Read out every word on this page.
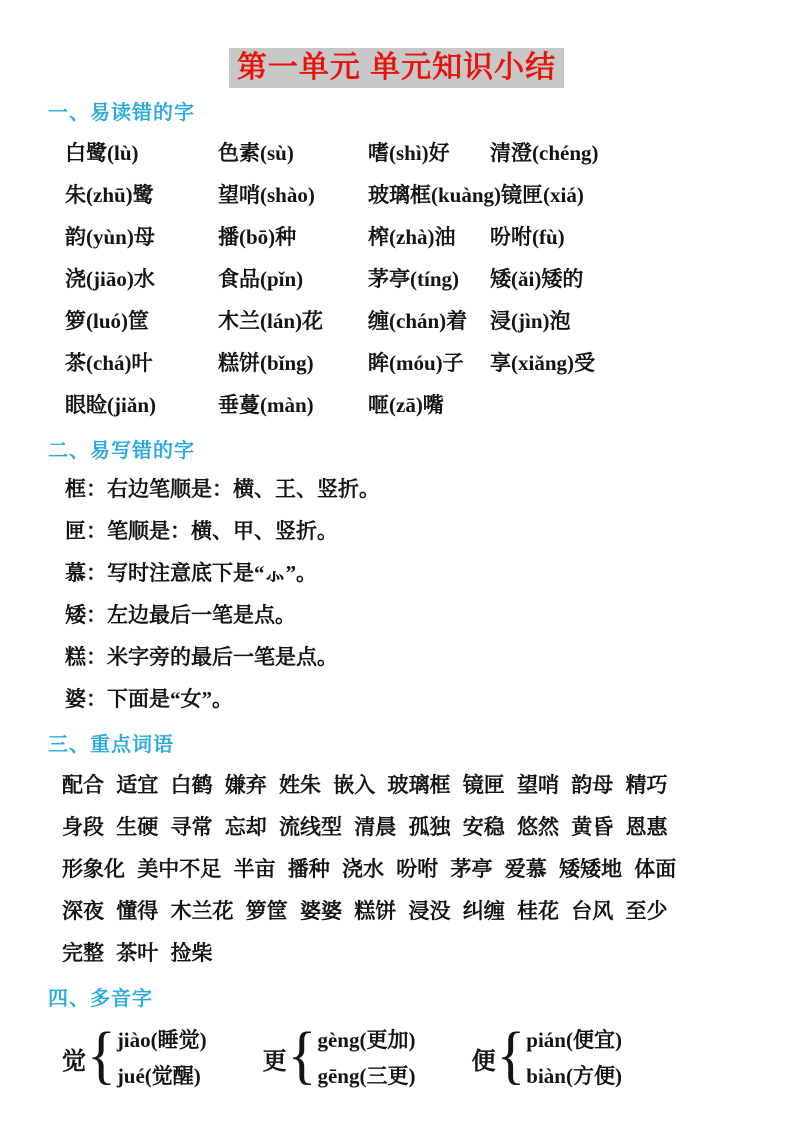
第一单元 单元知识小结
一、易读错的字
白鹭(lù)	色素(sù)	嗜(shì)好	清澄(chéng)
朱(zhū)鹭	望哨(shào)	玻璃框(kuàng)镜匣(xiá)
韵(yùn)母	播(bō)种	榨(zhà)油	吩咐(fù)
浇(jiāo)水	食品(pǐn)	茅亭(tíng)	矮(ǎi)矮的
箩(luó)筐	木兰(lán)花	缠(chán)着	浸(jìn)泡
茶(chá)叶	糕饼(bǐng)	眸(móu)子	享(xiǎng)受
眼睑(jiǎn)	垂蔓(màn)	咂(zā)嘴
二、易写错的字
框：右边笔顺是：横、王、竖折。
匣：笔顺是：横、甲、竖折。
慕：写时注意底下是“⺗”。
矮：左边最后一笔是点。
糕：米字旁的最后一笔是点。
婆：下面是“女”。
三、重点词语
配合 适宜 白鹤 嫌弃 姓朱 嵌入 玻璃框 镜匣 望哨 韵母 精巧
身段 生硬 寻常 忘却 流线型 清晨 孤独 安稳 悠然 黄昏 恩惠
形象化 美中不足 半亩 播种 浇水 吩咐 茅亭 爱慕 矮矮地 体面
深夜 懂得 木兰花 箩筐 婆婆 糕饼 浸没 纠缠 桂花 台风 至少
完整 茶叶 捡柴
四、多音字
觉
{
jiào(睡觉)
jué(觉醒)
更
{
gèng(更加)
gēng(三更)
便
{
pián(便宜)
biàn(方便)
